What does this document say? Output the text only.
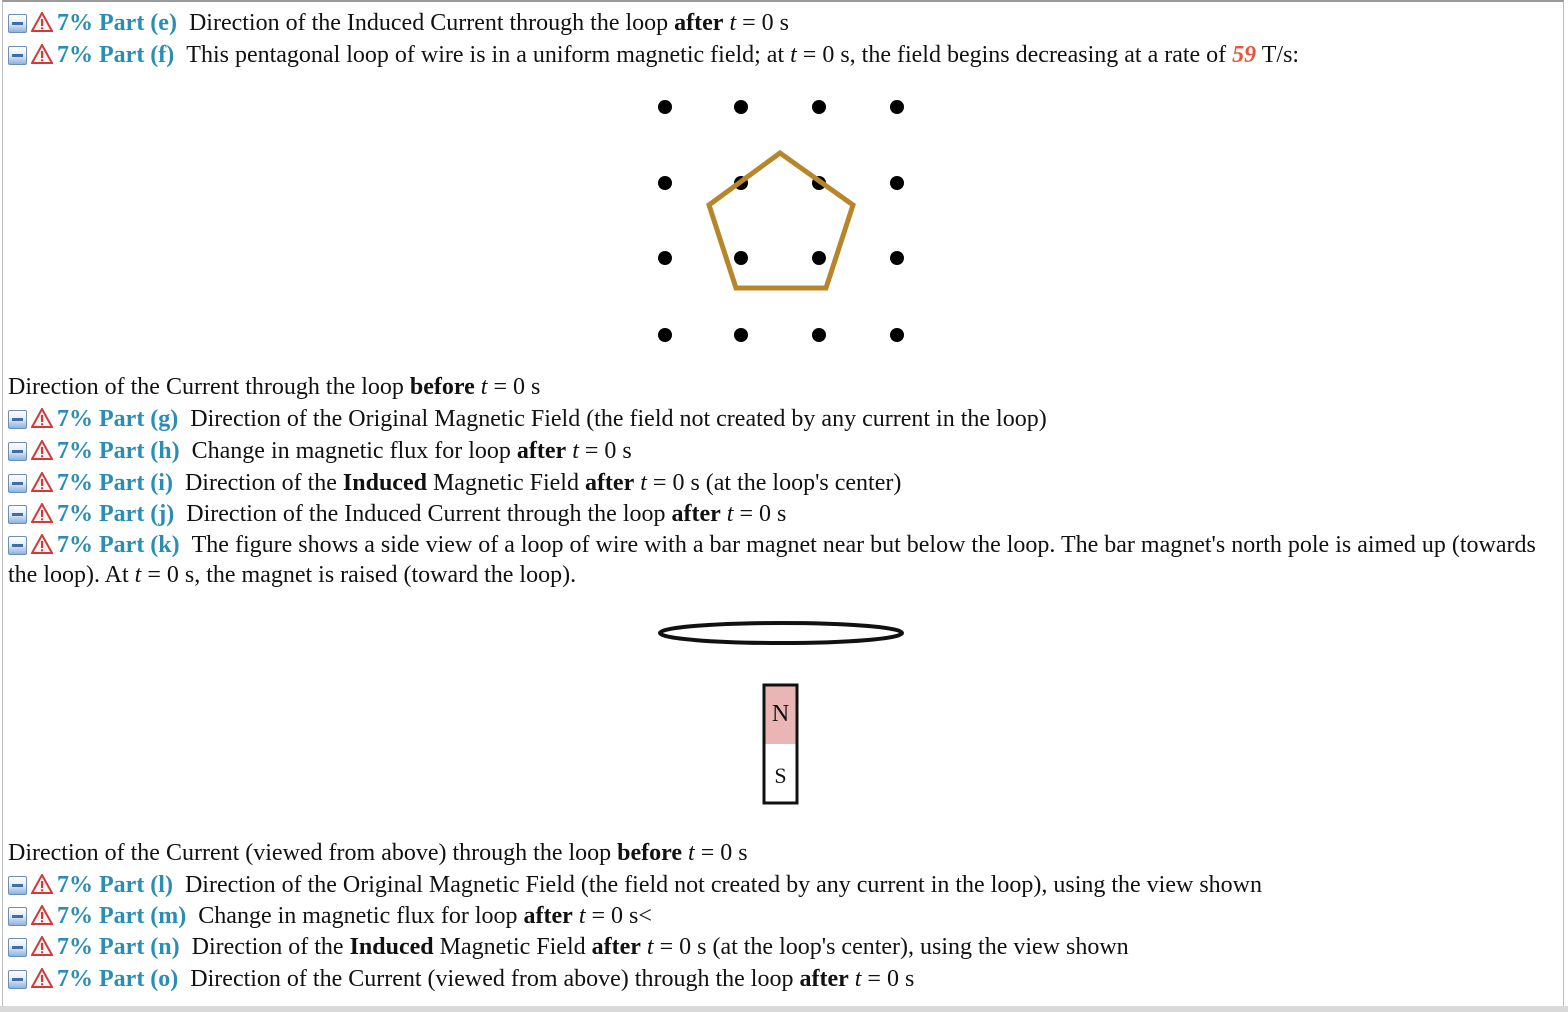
7% Part (e) Direction of the Induced Current through the loop after t = 0 s
7% Part (f) This pentagonal loop of wire is in a uniform magnetic field; at t = 0 s, the field begins decreasing at a rate of 59 T/s:
Direction of the Current through the loop before t = 0 s
7% Part (g) Direction of the Original Magnetic Field (the field not created by any current in the loop)
7% Part (h) Change in magnetic flux for loop after t = 0 s
7% Part (i) Direction of the Induced Magnetic Field after t = 0 s (at the loop's center)
7% Part (j) Direction of the Induced Current through the loop after t = 0 s
7% Part (k) The figure shows a side view of a loop of wire with a bar magnet near but below the loop. The bar magnet's north pole is aimed up (towards the loop). At t = 0 s, the magnet is raised (toward the loop).
N
S
Direction of the Current (viewed from above) through the loop before t = 0 s
7% Part (l) Direction of the Original Magnetic Field (the field not created by any current in the loop), using the view shown
7% Part (m) Change in magnetic flux for loop after t = 0 s<
7% Part (n) Direction of the Induced Magnetic Field after t = 0 s (at the loop's center), using the view shown
7% Part (o) Direction of the Current (viewed from above) through the loop after t = 0 s
